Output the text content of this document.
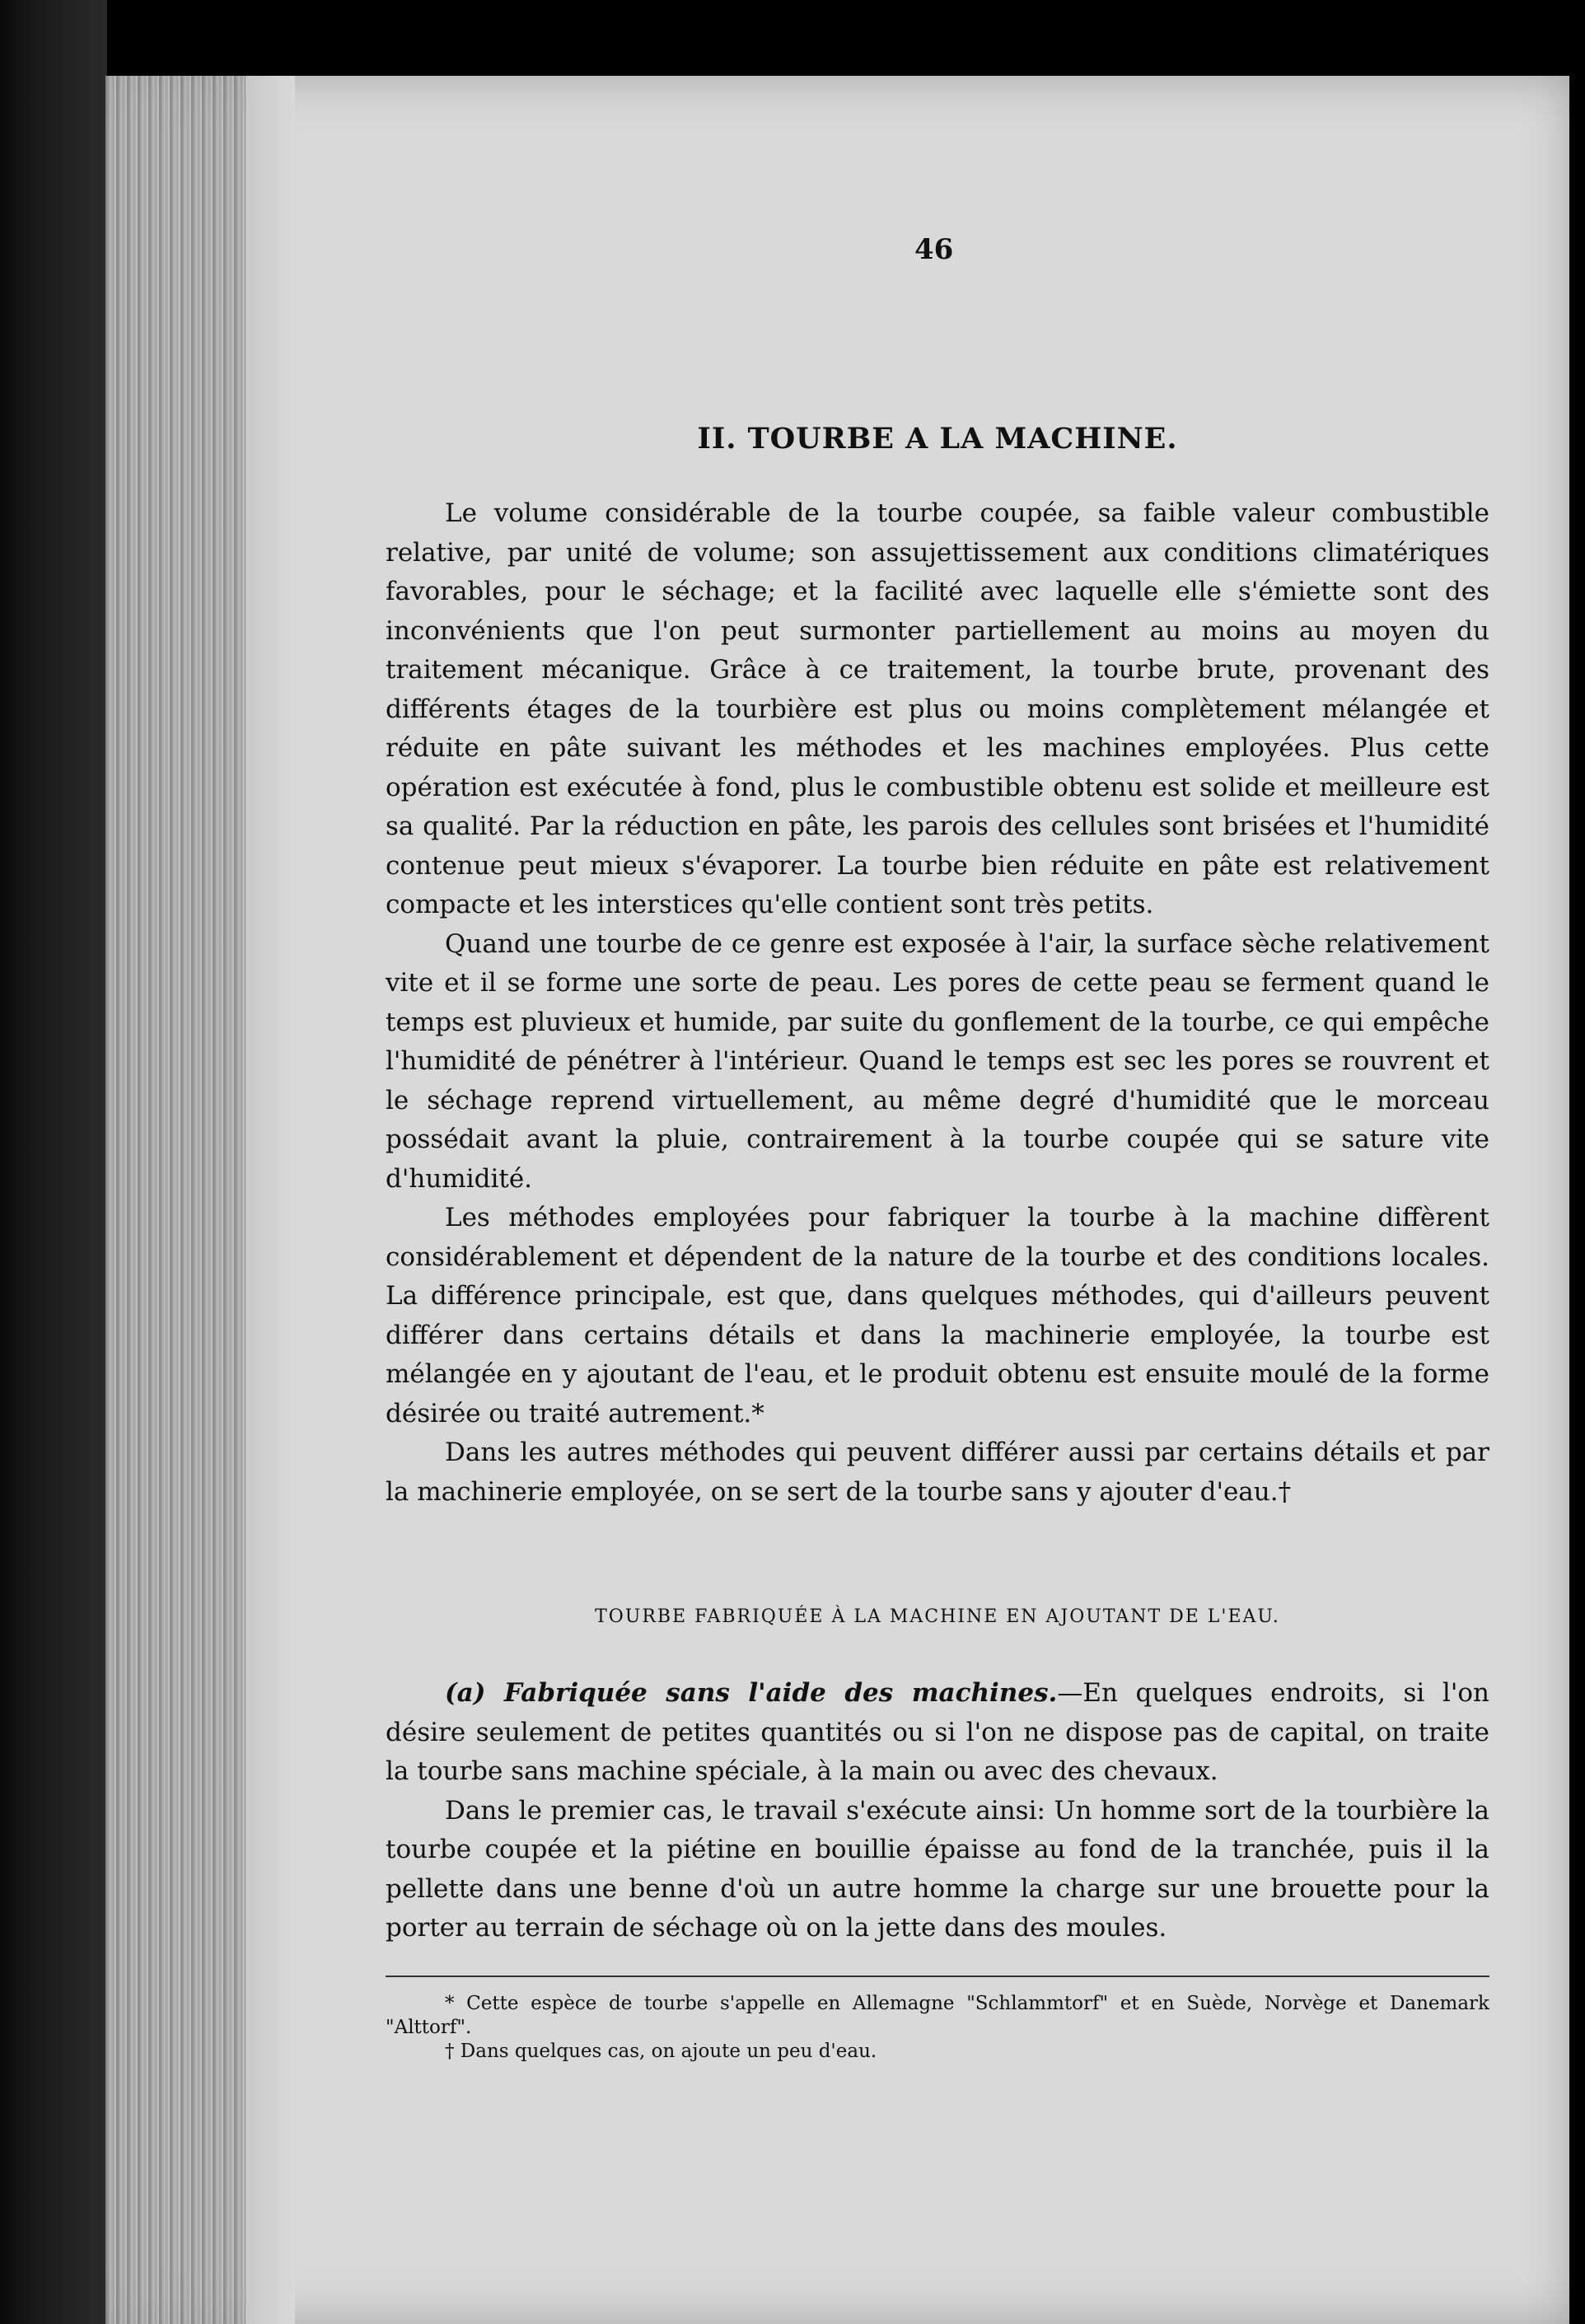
46
II. TOURBE A LA MACHINE.

Le volume considérable de la tourbe coupée, sa faible valeur combustible relative, par unité de volume; son assujettissement aux conditions climatériques favorables, pour le séchage; et la facilité avec laquelle elle s'émiette sont des inconvénients que l'on peut surmonter partiellement au moins au moyen du traitement mécanique. Grâce à ce traitement, la tourbe brute, provenant des différents étages de la tourbière est plus ou moins complètement mélangée et réduite en pâte suivant les méthodes et les machines employées. Plus cette opération est exécutée à fond, plus le combustible obtenu est solide et meilleure est sa qualité. Par la réduction en pâte, les parois des cellules sont brisées et l'humidité contenue peut mieux s'évaporer. La tourbe bien réduite en pâte est relativement compacte et les interstices qu'elle contient sont très petits.

Quand une tourbe de ce genre est exposée à l'air, la surface sèche relativement vite et il se forme une sorte de peau. Les pores de cette peau se ferment quand le temps est pluvieux et humide, par suite du gonflement de la tourbe, ce qui empêche l'humidité de pénétrer à l'intérieur. Quand le temps est sec les pores se rouvrent et le séchage reprend virtuellement, au même degré d'humidité que le morceau possédait avant la pluie, contrairement à la tourbe coupée qui se sature vite d'humidité.

Les méthodes employées pour fabriquer la tourbe à la machine diffèrent considérablement et dépendent de la nature de la tourbe et des conditions locales. La différence principale, est que, dans quelques méthodes, qui d'ailleurs peuvent différer dans certains détails et dans la machinerie employée, la tourbe est mélangée en y ajoutant de l'eau, et le produit obtenu est ensuite moulé de la forme désirée ou traité autrement.*

Dans les autres méthodes qui peuvent différer aussi par certains détails et par la machinerie employée, on se sert de la tourbe sans y ajouter d'eau.†

TOURBE FABRIQUÉE À LA MACHINE EN AJOUTANT DE L'EAU.

(a) Fabriquée sans l'aide des machines.—En quelques endroits, si l'on désire seulement de petites quantités ou si l'on ne dispose pas de capital, on traite la tourbe sans machine spéciale, à la main ou avec des chevaux.

Dans le premier cas, le travail s'exécute ainsi: Un homme sort de la tourbière la tourbe coupée et la piétine en bouillie épaisse au fond de la tranchée, puis il la pellette dans une benne d'où un autre homme la charge sur une brouette pour la porter au terrain de séchage où on la jette dans des moules.

* Cette espèce de tourbe s'appelle en Allemagne "Schlammtorf" et en Suède, Norvège et Danemark "Alttorf".

† Dans quelques cas, on ajoute un peu d'eau.
